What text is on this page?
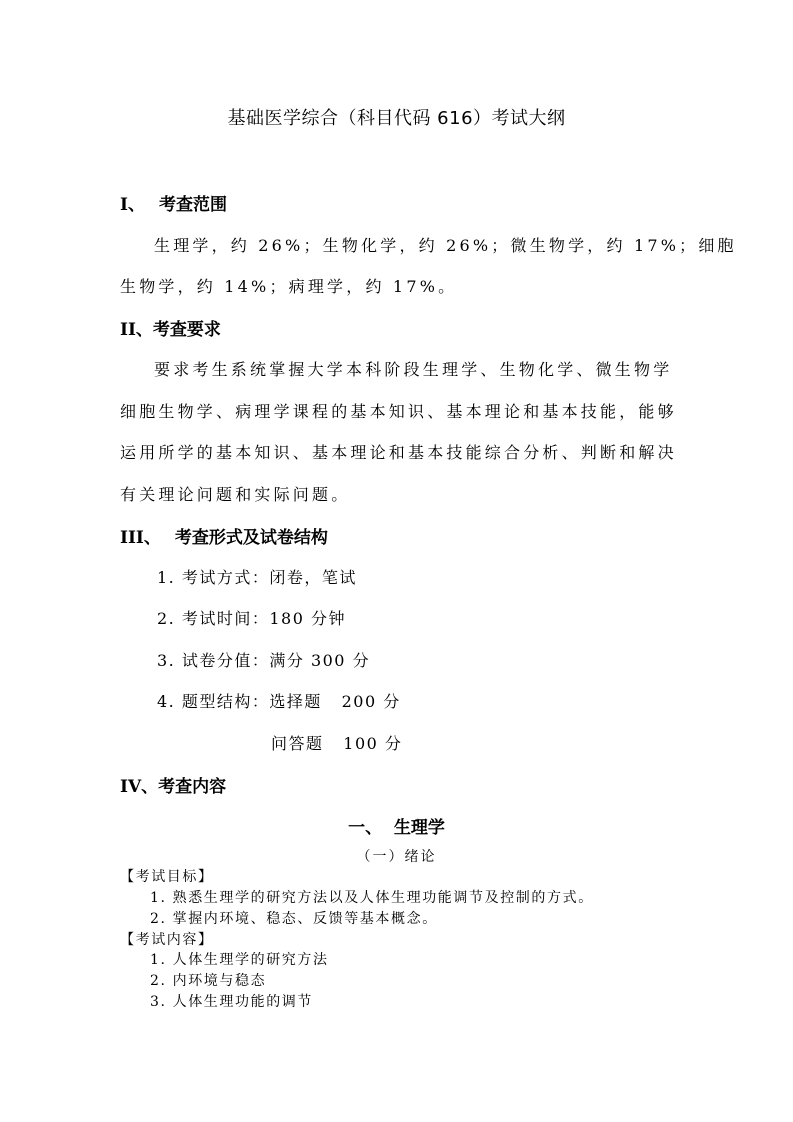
基础医学综合（科目代码 616）考试大纲
I、 考查范围
生理学，约 26%；生物化学，约 26%；微生物学，约 17%；细胞
生物学，约 14%；病理学，约 17%。
II、考查要求
要求考生系统掌握大学本科阶段生理学、生物化学、微生物学
细胞生物学、病理学课程的基本知识、基本理论和基本技能，能够
运用所学的基本知识、基本理论和基本技能综合分析、判断和解决
有关理论问题和实际问题。
III、 考查形式及试卷结构
1. 考试方式：闭卷，笔试
2. 考试时间：180 分钟
3. 试卷分值：满分 300 分
4. 题型结构：选择题   200 分
问答题   100 分
IV、考查内容
一、  生理学
（一）绪论
【考试目标】
1. 熟悉生理学的研究方法以及人体生理功能调节及控制的方式。
2. 掌握内环境、稳态、反馈等基本概念。
【考试内容】
1. 人体生理学的研究方法
2. 内环境与稳态
3. 人体生理功能的调节
